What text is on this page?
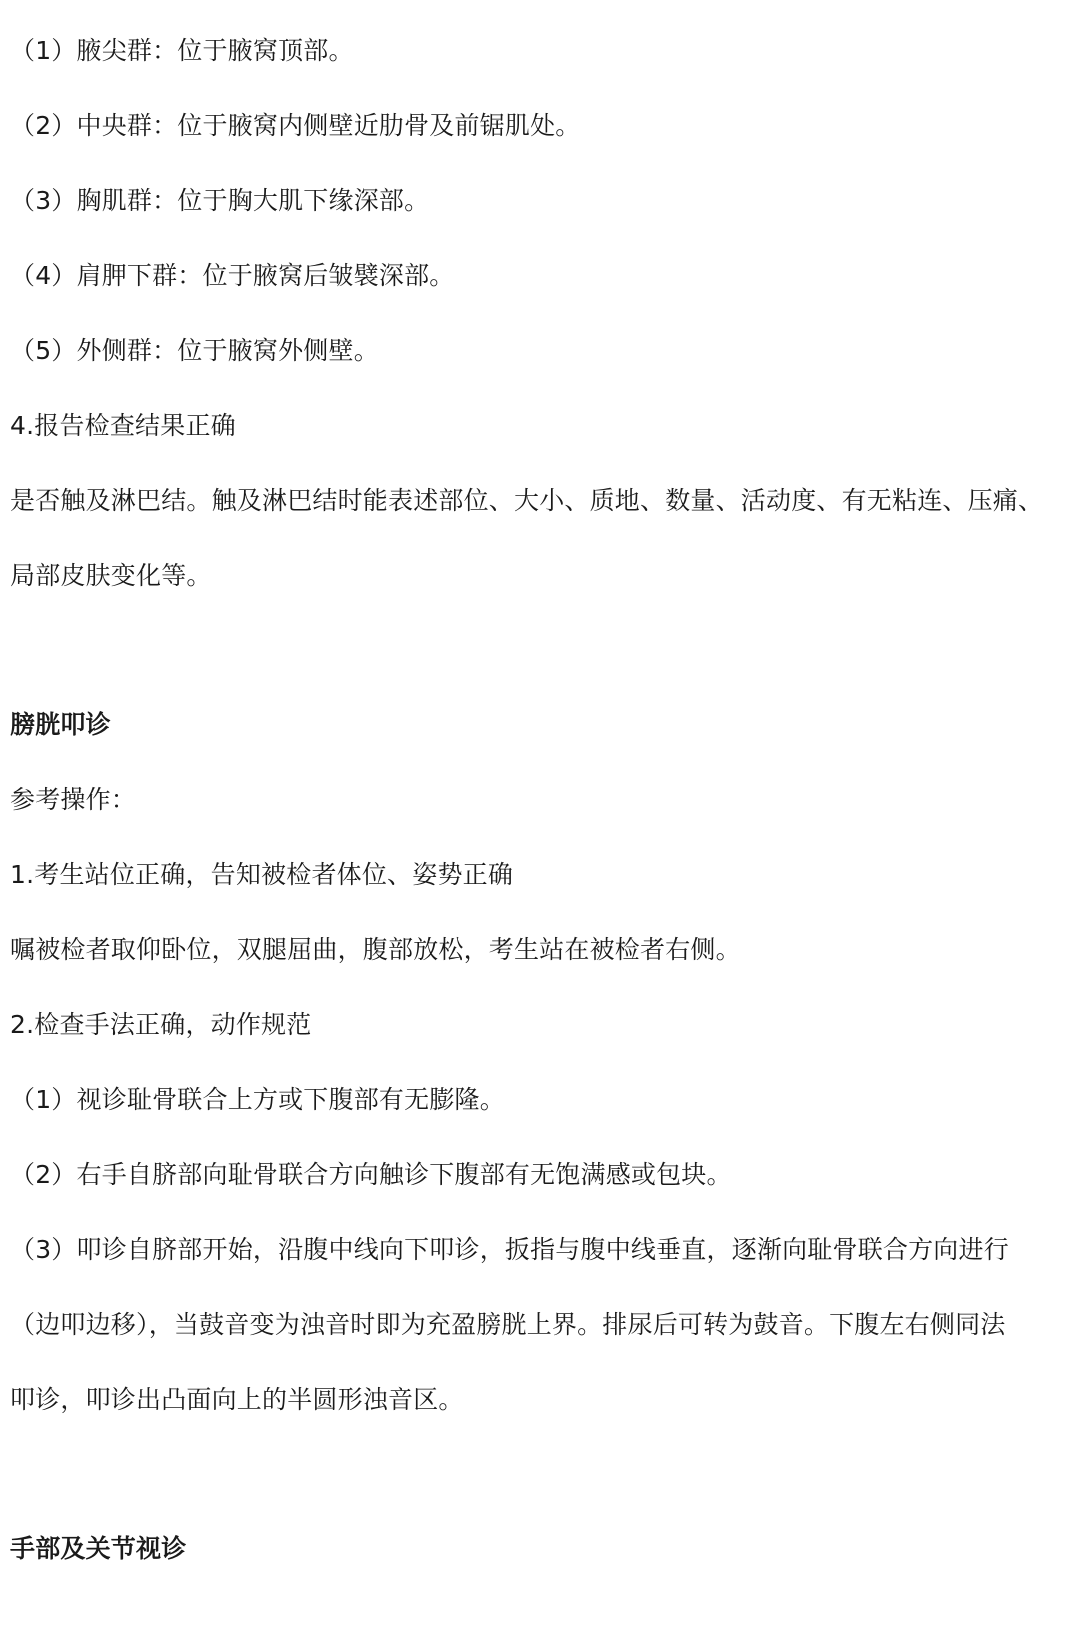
（1）腋尖群：位于腋窝顶部。

（2）中央群：位于腋窝内侧壁近肋骨及前锯肌处。

（3）胸肌群：位于胸大肌下缘深部。

（4）肩胛下群：位于腋窝后皱襞深部。

（5）外侧群：位于腋窝外侧壁。

4.报告检查结果正确

是否触及淋巴结。触及淋巴结时能表述部位、大小、质地、数量、活动度、有无粘连、压痛、

局部皮肤变化等。

膀胱叩诊

参考操作：

1.考生站位正确，告知被检者体位、姿势正确

嘱被检者取仰卧位，双腿屈曲，腹部放松，考生站在被检者右侧。

2.检查手法正确，动作规范

（1）视诊耻骨联合上方或下腹部有无膨隆。

（2）右手自脐部向耻骨联合方向触诊下腹部有无饱满感或包块。

（3）叩诊自脐部开始，沿腹中线向下叩诊，扳指与腹中线垂直，逐渐向耻骨联合方向进行

（边叩边移），当鼓音变为浊音时即为充盈膀胱上界。排尿后可转为鼓音。下腹左右侧同法

叩诊，叩诊出凸面向上的半圆形浊音区。

手部及关节视诊
